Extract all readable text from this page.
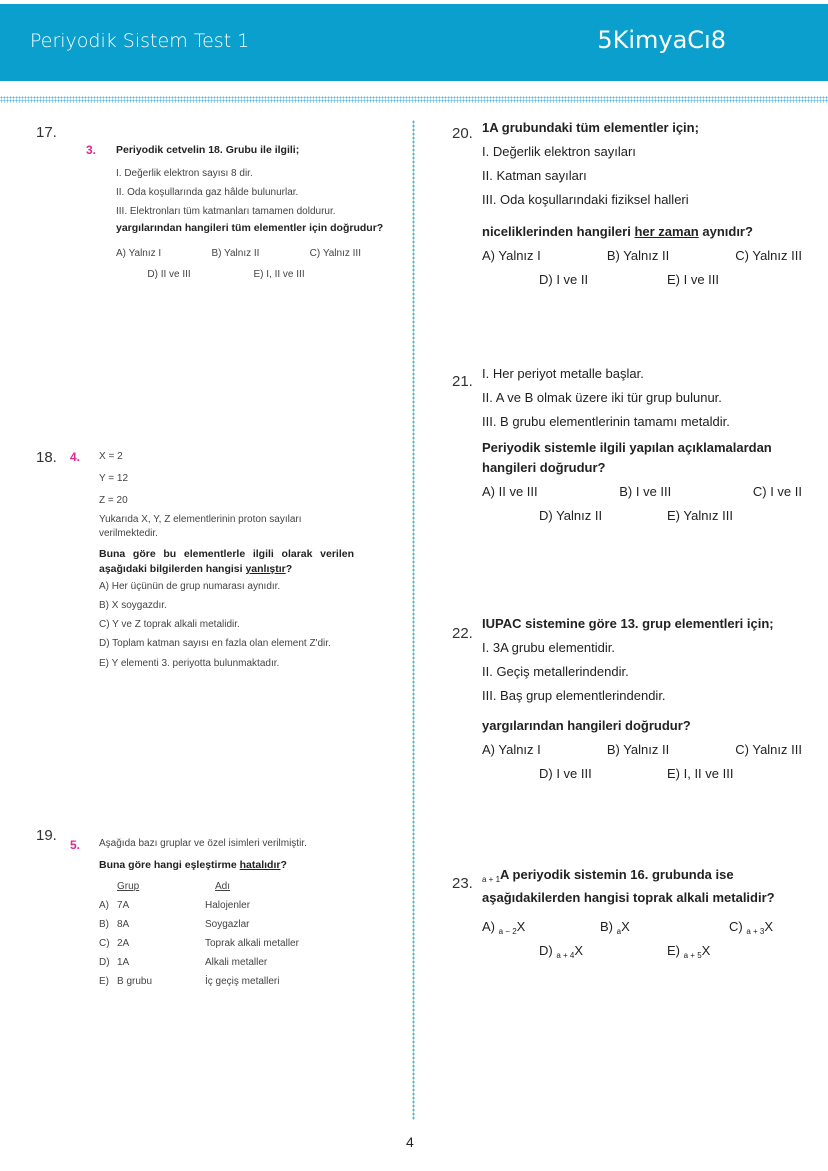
Periyodik Sistem Test 1	5KimyaCı8
17.
3. Periyodik cetvelin 18. Grubu ile ilgili;
I. Değerlik elektron sayısı 8 dir.
II. Oda koşullarında gaz hâlde bulunurlar.
III. Elektronları tüm katmanları tamamen doldurur.
yargılarından hangileri tüm elementler için doğrudur?
A) Yalnız I	B) Yalnız II	C) Yalnız III
D) II ve III	E) I, II ve III
18. 4. X = 2
Y = 12
Z = 20
Yukarıda X, Y, Z elementlerinin proton sayıları verilmektedir.
Buna göre bu elementlerle ilgili olarak verilen aşağıdaki bilgilerden hangisi yanlıştır?
A) Her üçünün de grup numarası aynıdır.
B) X soygazdır.
C) Y ve Z toprak alkali metalidir.
D) Toplam katman sayısı en fazla olan element Z'dir.
E) Y elementi 3. periyotta bulunmaktadır.
19.
5. Aşağıda bazı gruplar ve özel isimleri verilmiştir.
Buna göre hangi eşleştirme hatalıdır?
Grup	Adı
A) 7A	Halojenler
B) 8A	Soygazlar
C) 2A	Toprak alkali metaller
D) 1A	Alkali metaller
E) B grubu	İç geçiş metalleri
20. 1A grubundaki tüm elementler için;
I. Değerlik elektron sayıları
II. Katman sayıları
III. Oda koşullarındaki fiziksel halleri
niceliklerinden hangileri her zaman aynıdır?
A) Yalnız I	B) Yalnız II	C) Yalnız III
D) I ve II	E) I ve III
21. I. Her periyot metalle başlar.
II. A ve B olmak üzere iki tür grup bulunur.
III. B grubu elementlerinin tamamı metaldir.
Periyodik sistemle ilgili yapılan açıklamalardan hangileri doğrudur?
A) II ve III	B) I ve III	C) I ve II
D) Yalnız II	E) Yalnız III
22.
IUPAC sistemine göre 13. grup elementleri için;
I. 3A grubu elementidir.
II. Geçiş metallerindendir.
III. Baş grup elementlerindendir.
yargılarından hangileri doğrudur?
A) Yalnız I	B) Yalnız II	C) Yalnız III
D) I ve III	E) I, II ve III
23. $_{a + 1}$A periyodik sistemin 16. grubunda ise aşağıdakilerden hangisi toprak alkali metalidir?
A) $_{a - 2}$X	B) $_a$X	C) $_{a + 3}$X
D) $_{a + 4}$X	E) $_{a + 5}$X
4
